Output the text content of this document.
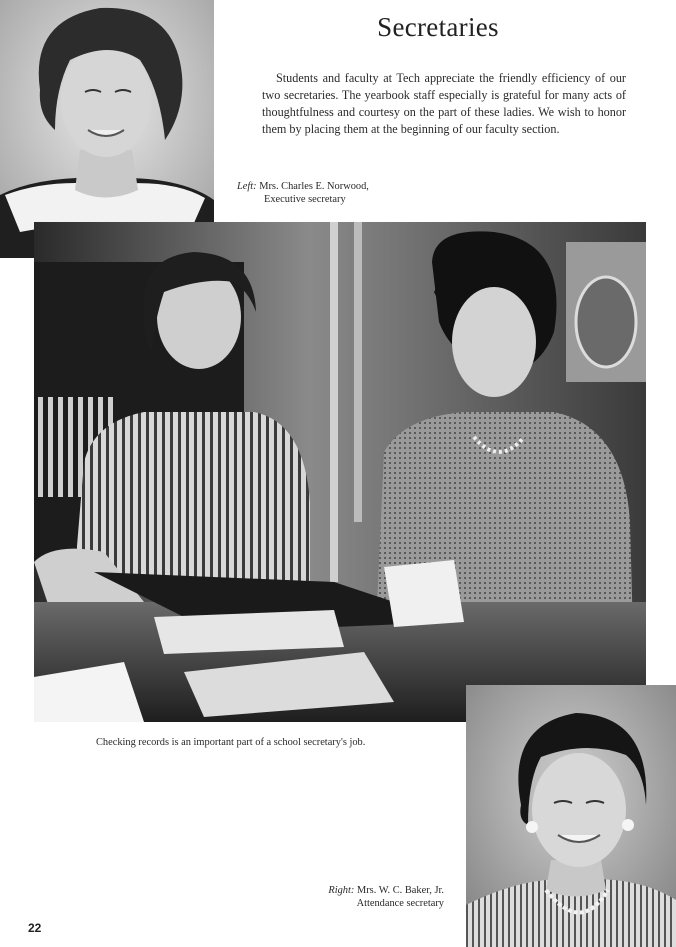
Secretaries

Students and faculty at Tech appreciate the friendly efficiency of our two secretaries. The yearbook staff especially is grateful for many acts of thoughtfulness and courtesy on the part of these ladies. We wish to honor them by placing them at the beginning of our faculty section.

Left: Mrs. Charles E. Norwood,
Executive secretary
Checking records is an important part of a school secretary's job.
Right: Mrs. W. C. Baker, Jr.
Attendance secretary
22
